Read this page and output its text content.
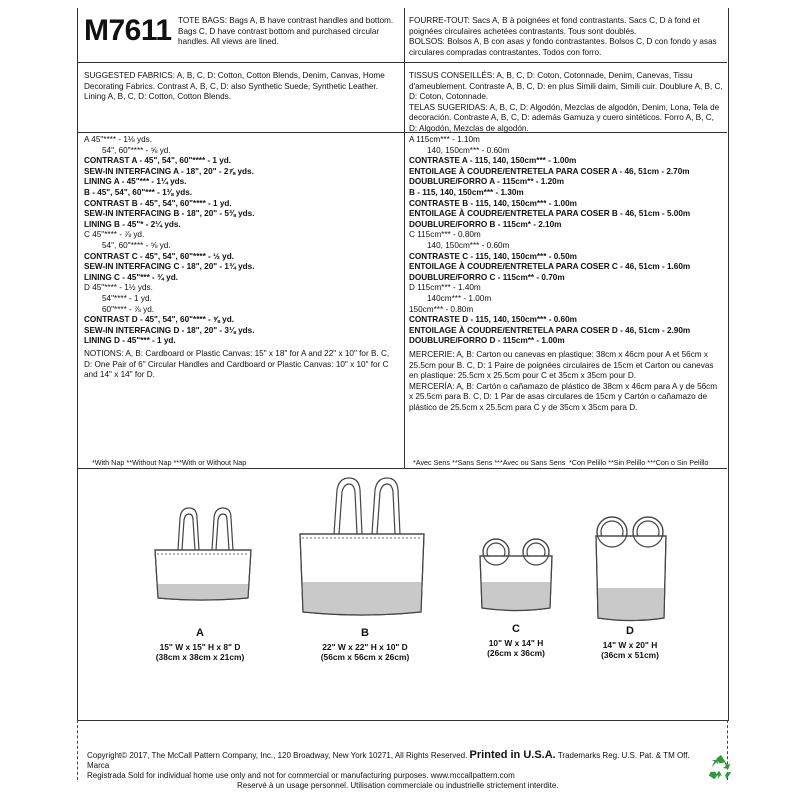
M7611 TOTE BAGS: Bags A, B have contrast handles and bottom. Bags C, D have contrast bottom and purchased circular handles. All views are lined.

FOURRE-TOUT: Sacs A, B à poignées et fond contrastants. Sacs C, D à fond et poignées circulaires achetées contrastants. Tous sont doublés.

BOLSOS: Bolsos A, B con asas y fondo contrastantes. Bolsos C, D con fondo y asas circulares compradas contrastantes. Todos con forro.

SUGGESTED FABRICS: A, B, C, D: Cotton, Cotton Blends, Denim, Canvas, Home Decorating Fabrics. Contrast A, B, C, D: also Synthetic Suede, Synthetic Leather. Lining A, B, C, D: Cotton, Cotton Blends.

TISSUS CONSEILLÉS: A, B, C, D: Coton, Cotonnade, Denim, Canevas, Tissu d'ameublement. Contraste A, B, C, D: en plus Simili daim, Simili cuir. Doublure A, B, C, D: Coton, Cotonnade.

TELAS SUGERIDAS: A, B, C, D: Algodón, Mezclas de algodón, Denim, Lona, Tela de decoración. Contraste A, B, C, D: además Gamuza y cuero sintéticos. Forro A, B, C, D: Algodón, Mezclas de algodón.

A 45"**** - 1⅛ yds.

54", 60"**** - ⅝ yd.

CONTRAST A - 45", 54", 60"**** - 1 yd.

SEW-IN INTERFACING A - 18", 20" - 2⅞ yds.

LINING A - 45"*** - 1¼ yds.

B - 45", 54", 60"*** - 1⅜ yds.

CONTRAST B - 45", 54", 60"**** - 1 yd.

SEW-IN INTERFACING B - 18", 20" - 5⅜ yds.

LINING B - 45"* - 2¼ yds.

C 45"**** - ⅞ yd.

54", 60"**** - ⅝ yd.

CONTRAST C - 45", 54", 60"**** - ½ yd.

SEW-IN INTERFACING C - 18", 20" - 1¾ yds.

LINING C - 45"*** - ¾ yd.

D 45"**** - 1½ yds.

54"**** - 1 yd.

60"**** - ⅞ yd.

CONTRAST D - 45", 54", 60"**** - ⅝ yd.

SEW-IN INTERFACING D - 18", 20" - 3⅛ yds.

LINING D - 45"*** - 1 yd.

A 115cm*** - 1.10m

140, 150cm*** - 0.60m

CONTRASTE A - 115, 140, 150cm*** - 1.00m

ENTOILAGE À COUDRE/ENTRETELA PARA COSER A - 46, 51cm - 2.70m

DOUBLURE/FORRO A - 115cm** - 1.20m

B - 115, 140, 150cm*** - 1.30m

CONTRASTE B - 115, 140, 150cm*** - 1.00m

ENTOILAGE À COUDRE/ENTRETELA PARA COSER B - 46, 51cm - 5.00m

DOUBLURE/FORRO B - 115cm* - 2.10m

C 115cm*** - 0.80m

140, 150cm*** - 0.60m

CONTRASTE C - 115, 140, 150cm*** - 0.50m

ENTOILAGE À COUDRE/ENTRETELA PARA COSER C - 46, 51cm - 1.60m

DOUBLURE/FORRO C - 115cm** - 0.70m

D 115cm*** - 1.40m

140cm*** - 1.00m

150cm*** - 0.80m

CONTRASTE D - 115, 140, 150cm*** - 0.60m

ENTOILAGE À COUDRE/ENTRETELA PARA COSER D - 46, 51cm - 2.90m

DOUBLURE/FORRO D - 115cm** - 1.00m

NOTIONS: A, B: Cardboard or Plastic Canvas: 15" x 18" for A and 22" x 10" for B. C, D: One Pair of 6" Circular Handles and Cardboard or Plastic Canvas: 10" x 10" for C and 14" x 14" for D.

MERCERIE: A, B: Carton ou canevas en plastique: 38cm x 46cm pour A et 56cm x 25.5cm pour B. C, D: 1 Paire de poignées circulaires de 15cm et Carton ou canevas en plastique: 25.5cm x 25.5cm pour C et 35cm x 35cm pour D.

MERCERÍA: A, B: Cartón o cañamazo de plástico de 38cm x 46cm para A y de 56cm x 25.5cm para B. C, D: 1 Par de asas circulares de 15cm y Cartón o cañamazo de plástico de 25.5cm x 25.5cm para C y de 35cm x 35cm para D.

*With Nap **Without Nap ***With or Without Nap	*Avec Sens **Sans Sens ***Avec ou Sans Sens *Con Pelillo **Sin Pelillo ***Con o Sin Pelillo
A
15" W x 15" H x 8" D
(38cm x 38cm x 21cm)
B
22" W x 22" H x 10" D
(56cm x 56cm x 26cm)
C
10" W x 14" H
(26cm x 36cm)
D
14" W x 20" H
(36cm x 51cm)
Copyright© 2017, The McCall Pattern Company, Inc., 120 Broadway, New York 10271, All Rights Reserved. Printed in U.S.A. Trademarks Reg. U.S. Pat. & TM Off. Marca
Registrada Sold for individual home use only and not for commercial or manufacturing purposes. www.mccallpattern.com
Reservé à un usage personnel. Utilisation commerciale ou industrielle strictement interdite.
